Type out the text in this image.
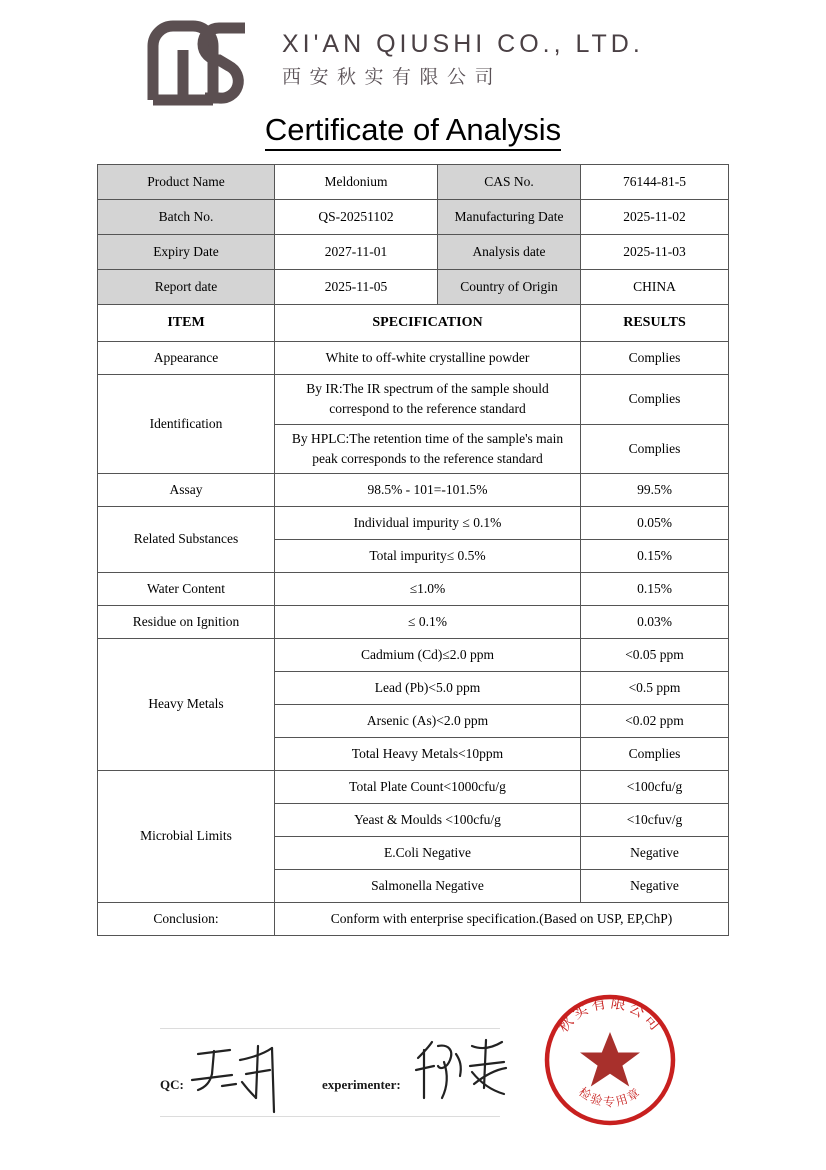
XI'AN QIUSHI CO., LTD.
西安秋实有限公司
Certificate of Analysis
Product Name	Meldonium	CAS No.	76144-81-5
Batch No.	QS-20251102	Manufacturing Date	2025-11-02
Expiry Date	2027-11-01	Analysis date	2025-11-03
Report date	2025-11-05	Country of Origin	CHINA
ITEM	SPECIFICATION	RESULTS
Appearance	White to off-white crystalline powder	Complies
Identification	By IR:The IR spectrum of the sample should correspond to the reference standard	Complies
	By HPLC:The retention time of the sample's main peak corresponds to the reference standard	Complies
Assay	98.5% - 101=-101.5%	99.5%
Related Substances	Individual impurity ≤ 0.1%	0.05%
	Total impurity≤ 0.5%	0.15%
Water Content	≤1.0%	0.15%
Residue on Ignition	≤ 0.1%	0.03%
Heavy Metals	Cadmium (Cd)≤2.0 ppm	<0.05 ppm
	Lead (Pb)<5.0 ppm	<0.5 ppm
	Arsenic (As)<2.0 ppm	<0.02 ppm
	Total Heavy Metals<10ppm	Complies
Microbial Limits	Total Plate Count<1000cfu/g	<100cfu/g
	Yeast & Moulds <100cfu/g	<10cfuv/g
	E.Coli Negative	Negative
	Salmonella Negative	Negative
Conclusion:	Conform with enterprise specification.(Based on USP, EP,ChP)	
QC:	experimenter:
秋实有限公司
检验专用章
